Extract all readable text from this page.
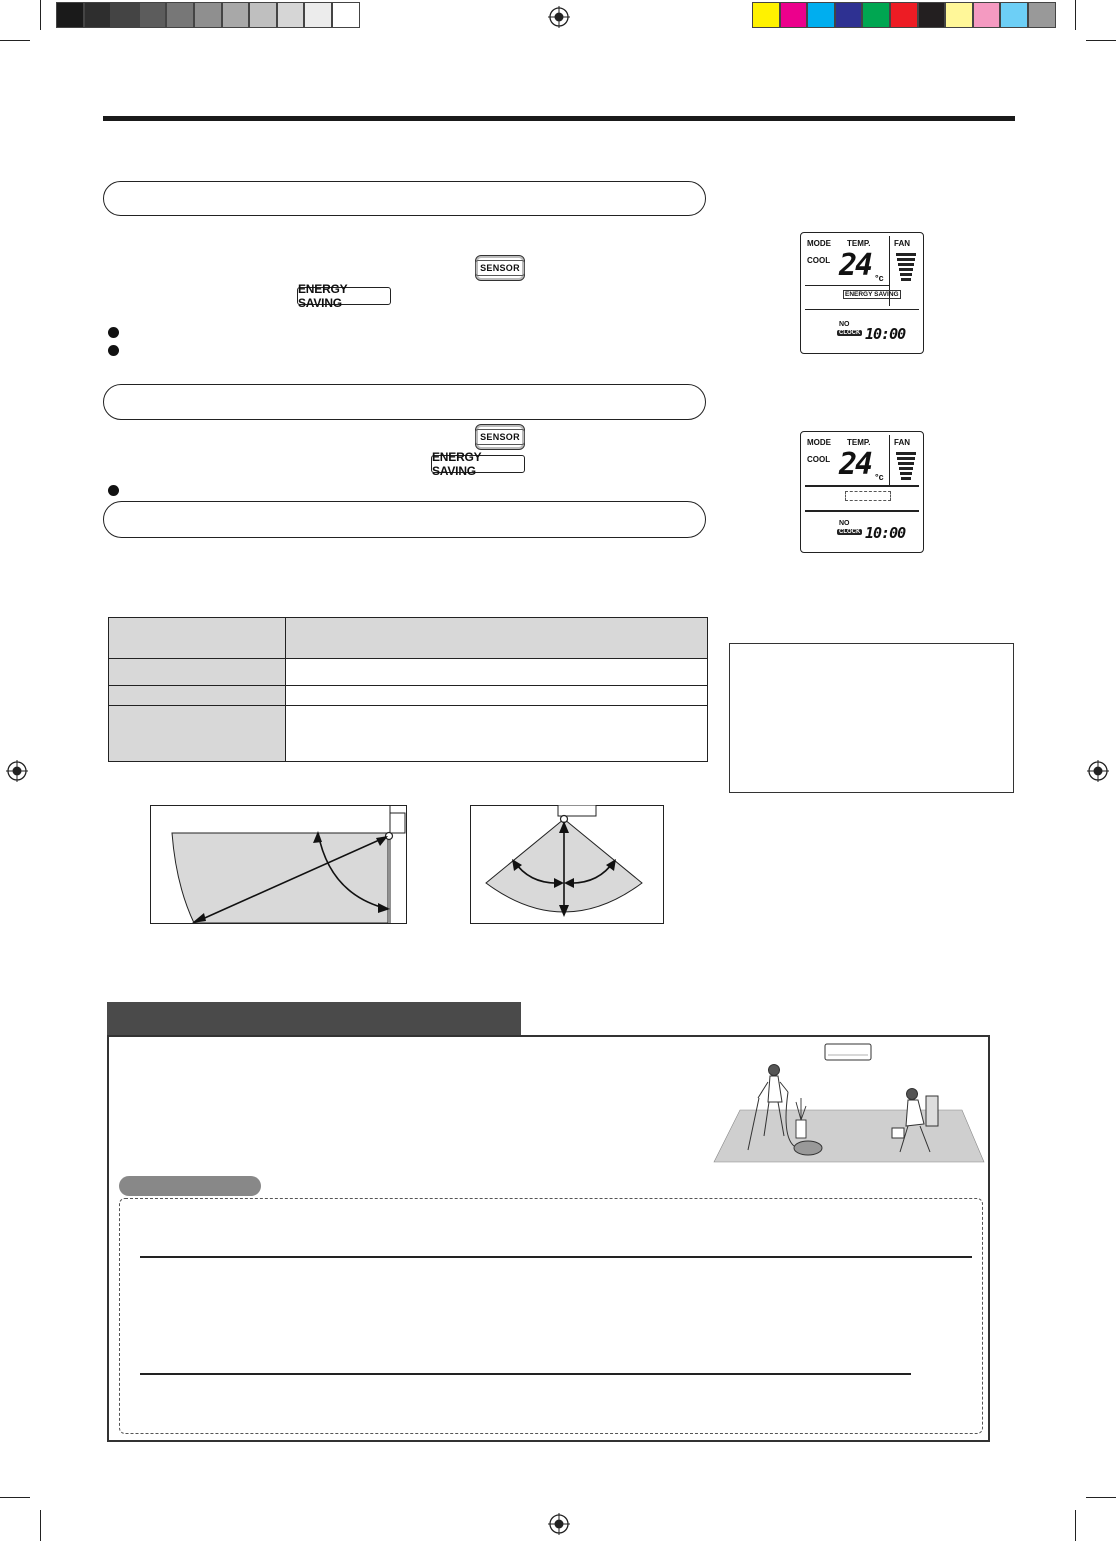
SENSOR
ENERGY SAVING
SENSOR
ENERGY SAVING
MODE TEMP.	FAN
COOL 24 °c
ENERGY SAVING
NO
CLOCK 10:00
MODE TEMP.	FAN
COOL 24 °c
NO
CLOCK 10:00
